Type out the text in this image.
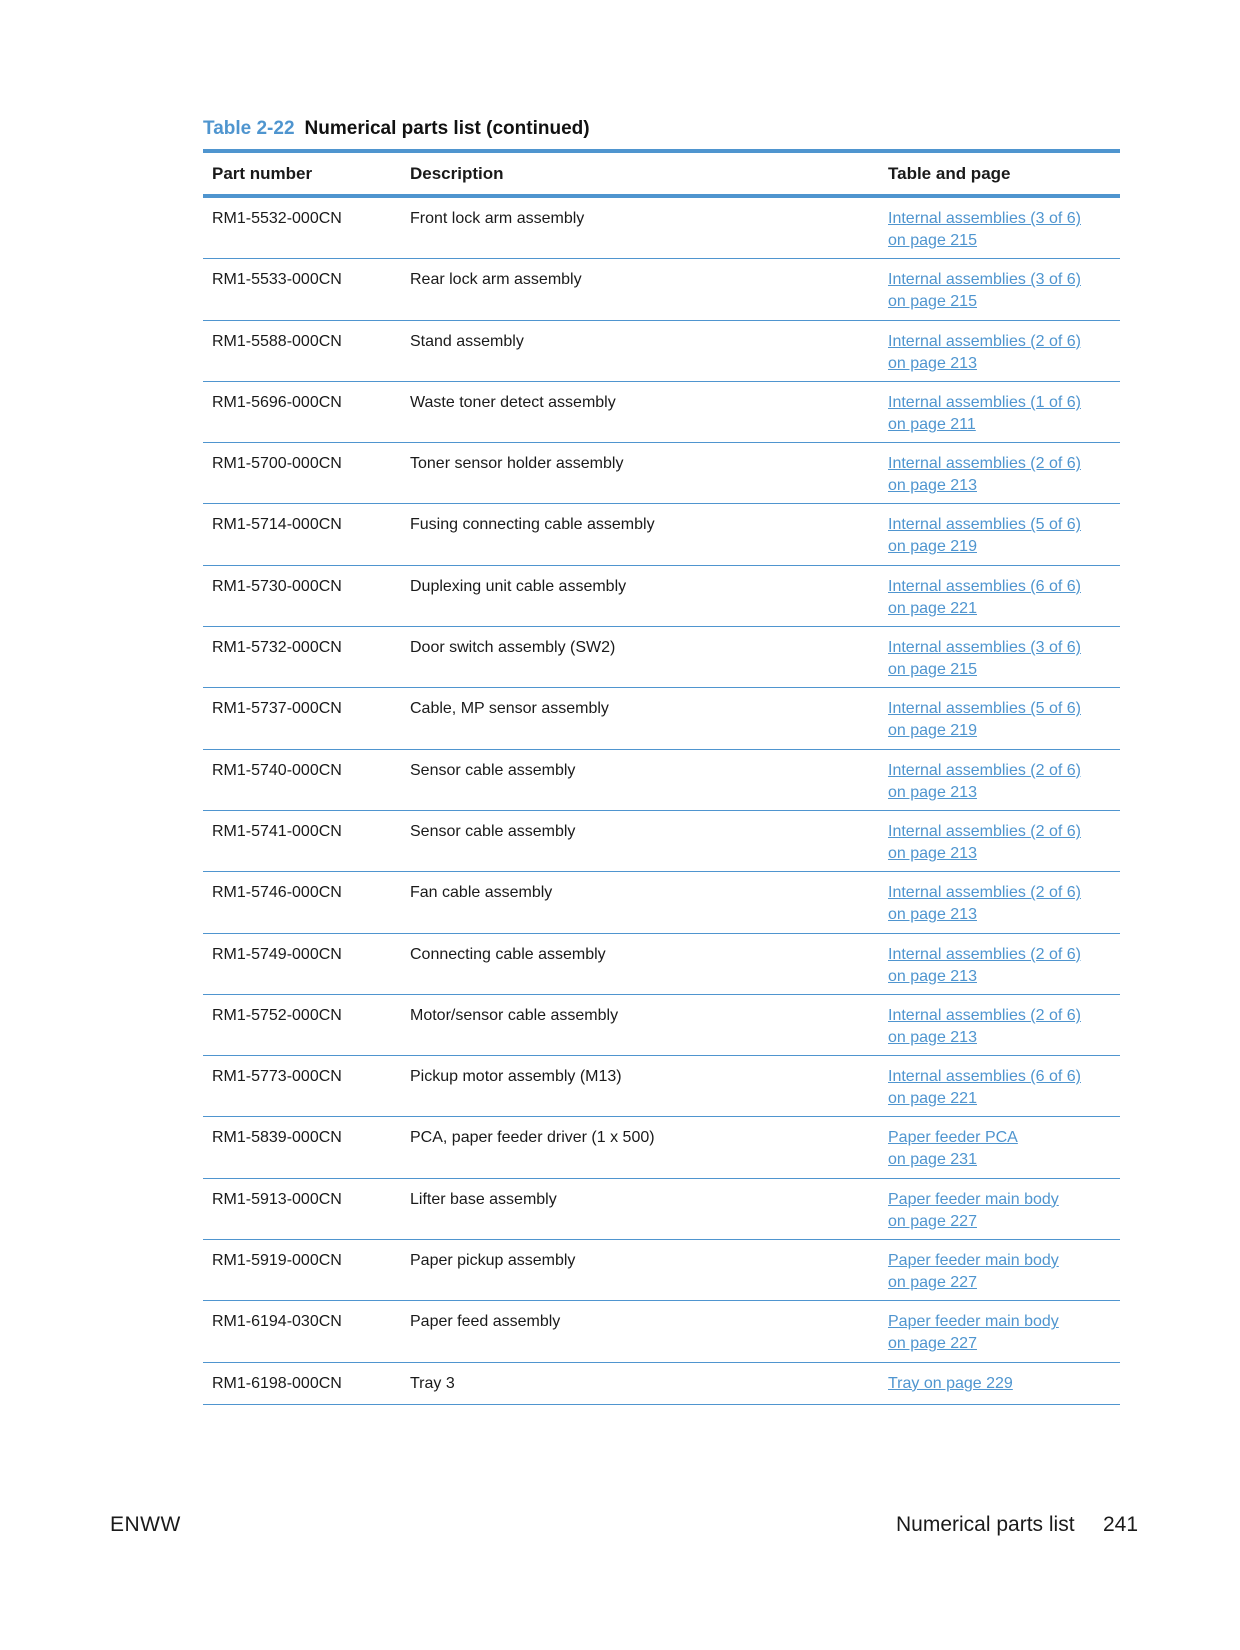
Table 2-22 Numerical parts list (continued)
Part number	Description	Table and page
RM1-5532-000CN	Front lock arm assembly	Internal assemblies (3 of 6)
on page 215
RM1-5533-000CN	Rear lock arm assembly	Internal assemblies (3 of 6)
on page 215
RM1-5588-000CN	Stand assembly	Internal assemblies (2 of 6)
on page 213
RM1-5696-000CN	Waste toner detect assembly	Internal assemblies (1 of 6)
on page 211
RM1-5700-000CN	Toner sensor holder assembly	Internal assemblies (2 of 6)
on page 213
RM1-5714-000CN	Fusing connecting cable assembly	Internal assemblies (5 of 6)
on page 219
RM1-5730-000CN	Duplexing unit cable assembly	Internal assemblies (6 of 6)
on page 221
RM1-5732-000CN	Door switch assembly (SW2)	Internal assemblies (3 of 6)
on page 215
RM1-5737-000CN	Cable, MP sensor assembly	Internal assemblies (5 of 6)
on page 219
RM1-5740-000CN	Sensor cable assembly	Internal assemblies (2 of 6)
on page 213
RM1-5741-000CN	Sensor cable assembly	Internal assemblies (2 of 6)
on page 213
RM1-5746-000CN	Fan cable assembly	Internal assemblies (2 of 6)
on page 213
RM1-5749-000CN	Connecting cable assembly	Internal assemblies (2 of 6)
on page 213
RM1-5752-000CN	Motor/sensor cable assembly	Internal assemblies (2 of 6)
on page 213
RM1-5773-000CN	Pickup motor assembly (M13)	Internal assemblies (6 of 6)
on page 221
RM1-5839-000CN	PCA, paper feeder driver (1 x 500)	Paper feeder PCA
on page 231
RM1-5913-000CN	Lifter base assembly	Paper feeder main body
on page 227
RM1-5919-000CN	Paper pickup assembly	Paper feeder main body
on page 227
RM1-6194-030CN	Paper feed assembly	Paper feeder main body
on page 227
RM1-6198-000CN	Tray 3	Tray on page 229
ENWW	Numerical parts list 241
